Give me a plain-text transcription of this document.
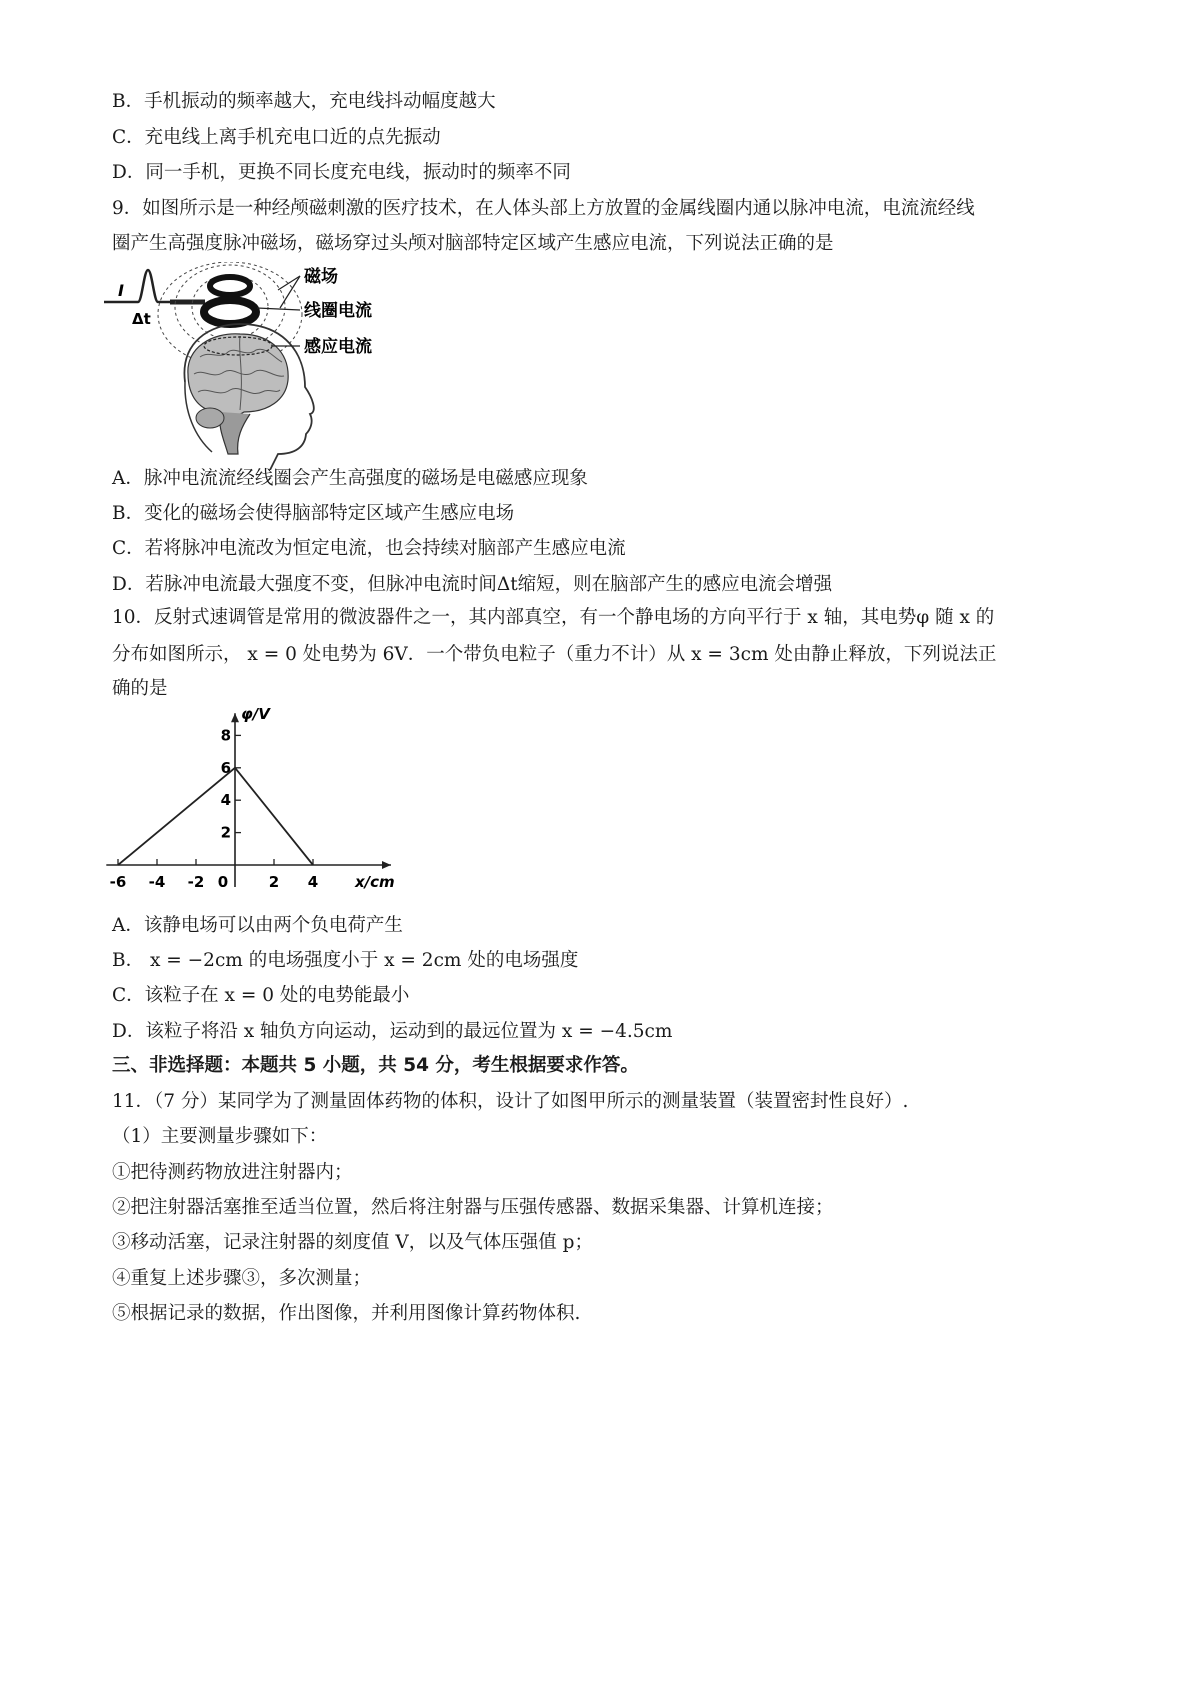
B．手机振动的频率越大，充电线抖动幅度越大
C．充电线上离手机充电口近的点先振动
D．同一手机，更换不同长度充电线，振动时的频率不同
9．如图所示是一种经颅磁刺激的医疗技术，在人体头部上方放置的金属线圈内通以脉冲电流，电流流经线
圈产生高强度脉冲磁场，磁场穿过头颅对脑部特定区域产生感应电流，下列说法正确的是
I
Δt
磁场
线圈电流
感应电流
A．脉冲电流流经线圈会产生高强度的磁场是电磁感应现象
B．变化的磁场会使得脑部特定区域产生感应电场
C．若将脉冲电流改为恒定电流，也会持续对脑部产生感应电流
D．若脉冲电流最大强度不变，但脉冲电流时间Δt缩短，则在脑部产生的感应电流会增强
10．反射式速调管是常用的微波器件之一，其内部真空，有一个静电场的方向平行于 x 轴，其电势φ 随 x 的
分布如图所示， x = 0 处电势为 6V．一个带负电粒子（重力不计）从 x = 3cm 处由静止释放，下列说法正
确的是
2
4
6
8
-6 -4 -2 0	2 4
φ/V
x/cm
A．该静电场可以由两个负电荷产生
B． x = −2cm 的电场强度小于 x = 2cm 处的电场强度
C．该粒子在 x = 0 处的电势能最小
D．该粒子将沿 x 轴负方向运动，运动到的最远位置为 x = −4.5cm
三、非选择题：本题共 5 小题，共 54 分，考生根据要求作答。
11．（7 分）某同学为了测量固体药物的体积，设计了如图甲所示的测量装置（装置密封性良好）.
（1）主要测量步骤如下：
①把待测药物放进注射器内；
②把注射器活塞推至适当位置，然后将注射器与压强传感器、数据采集器、计算机连接；
③移动活塞，记录注射器的刻度值 V，以及气体压强值 p；
④重复上述步骤③，多次测量；
⑤根据记录的数据，作出图像，并利用图像计算药物体积.
